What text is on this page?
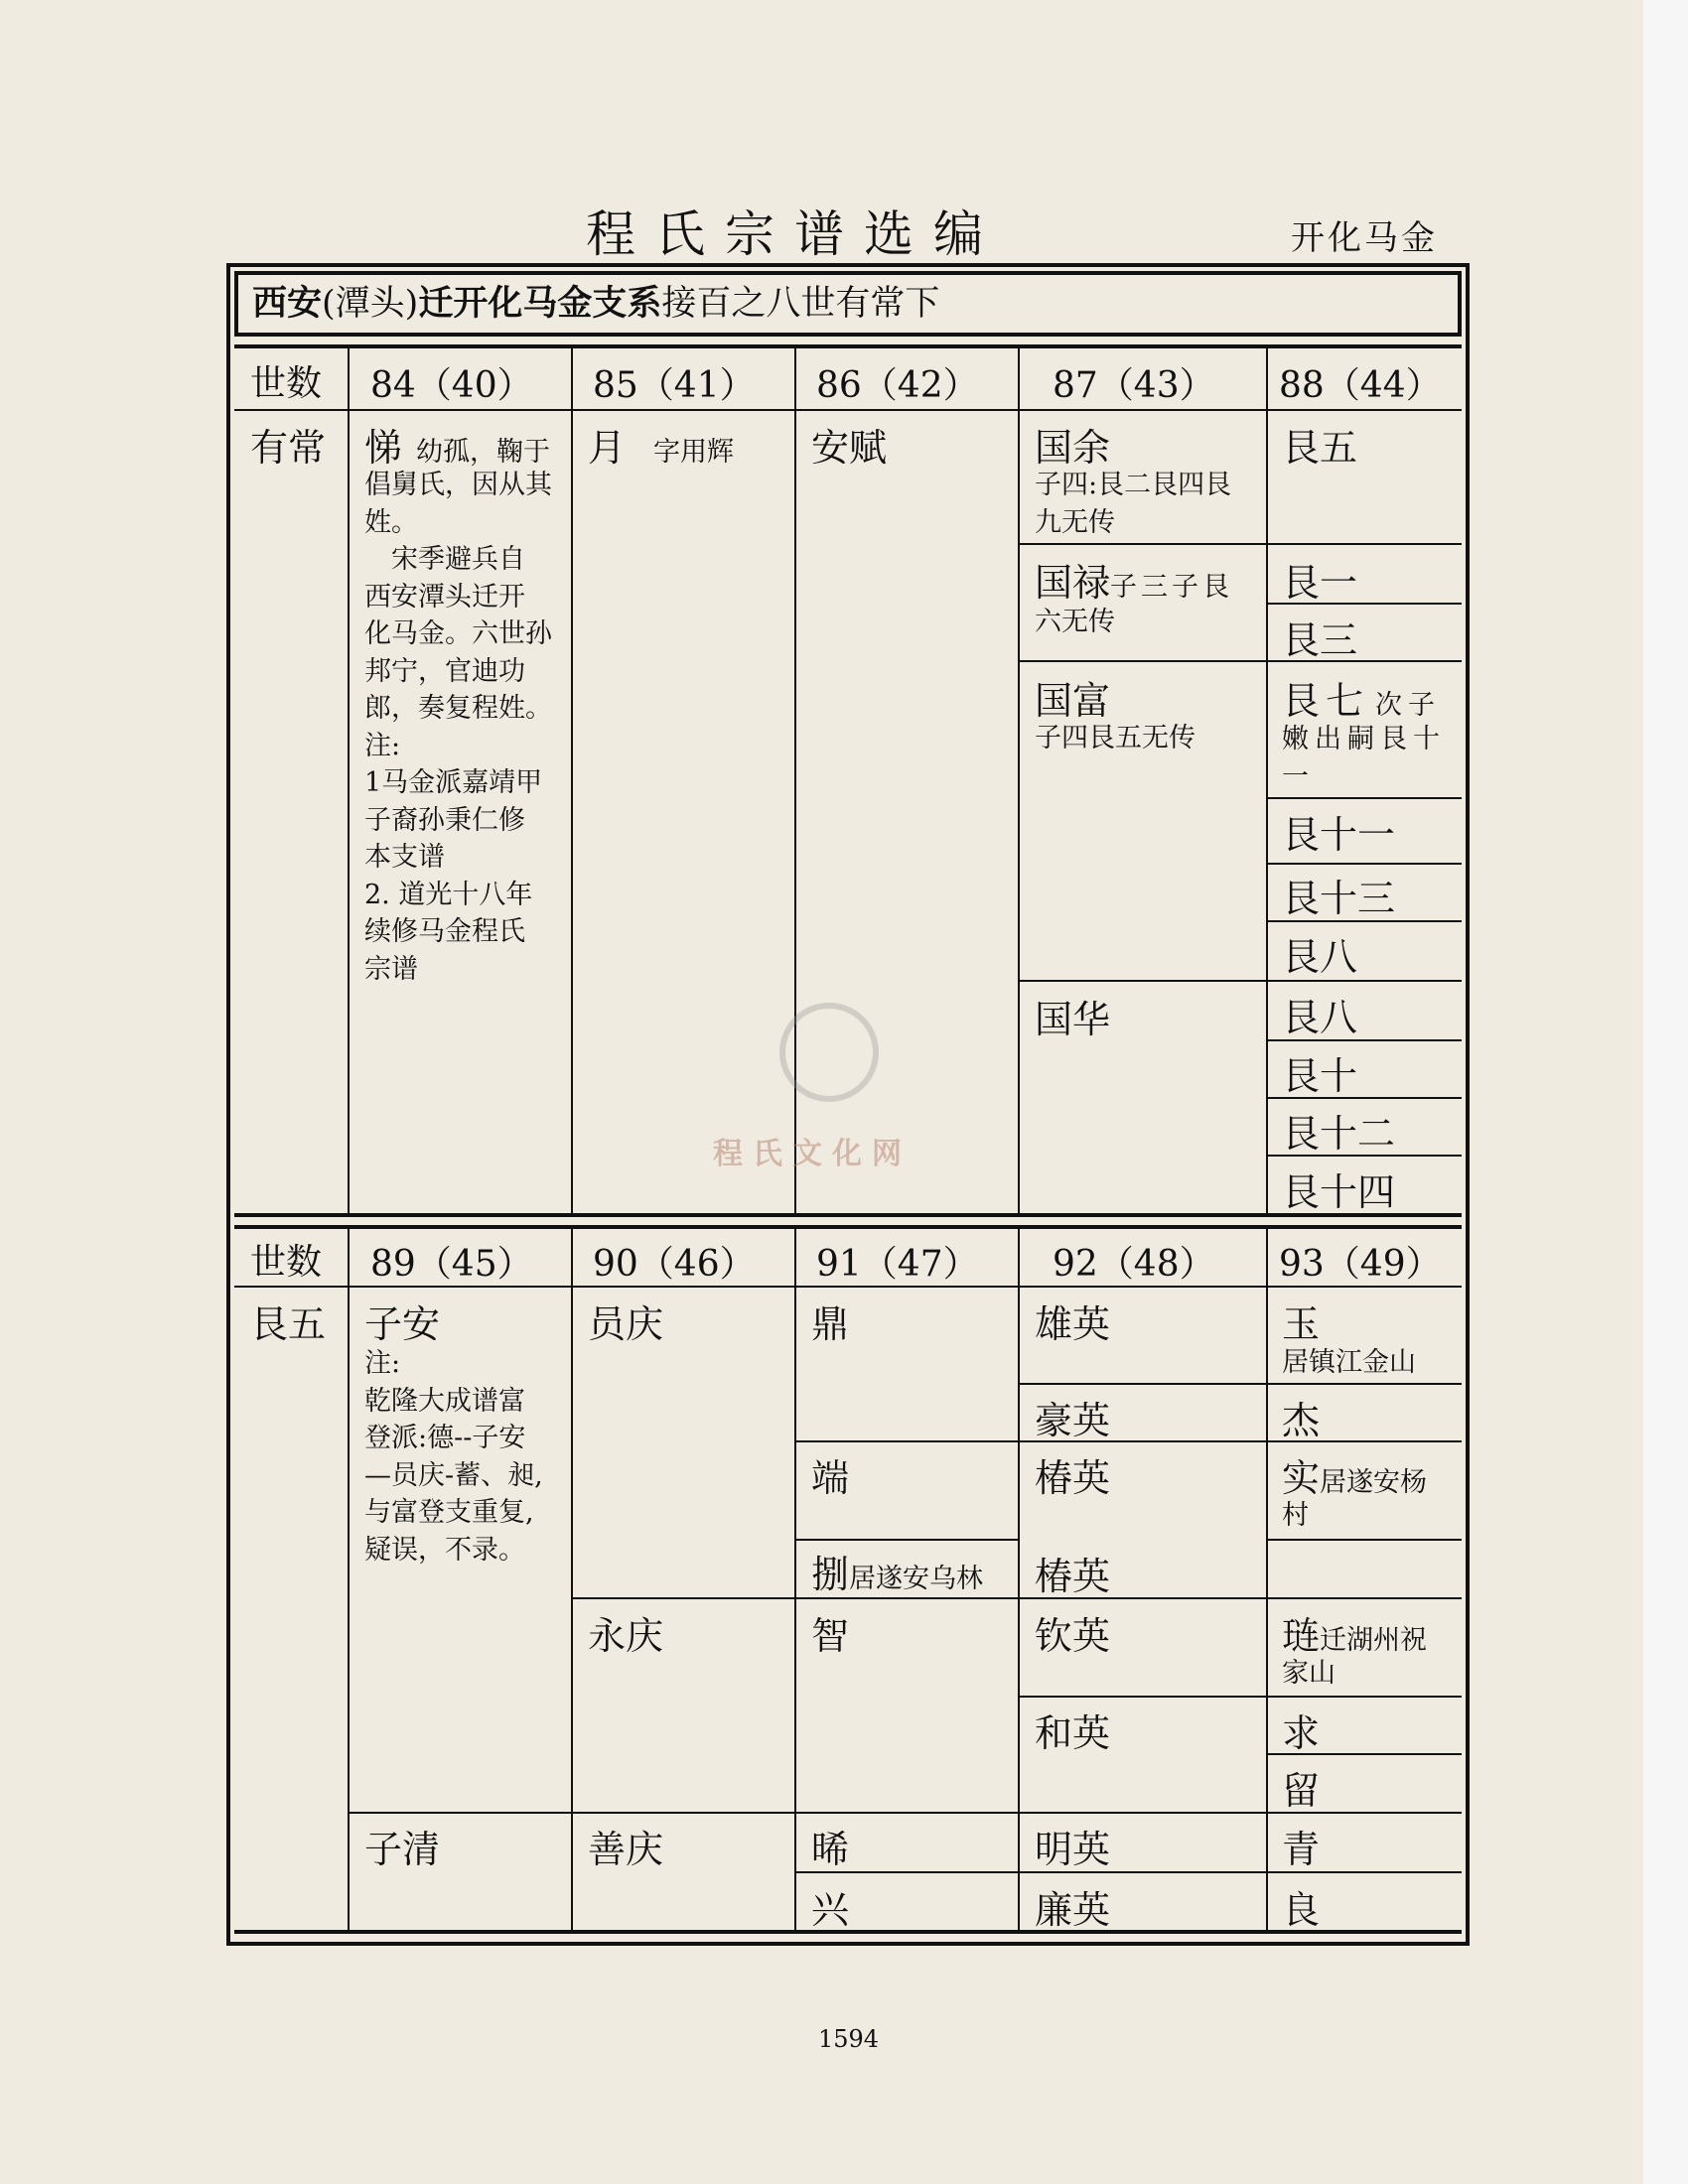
程氏宗谱选编	开化马金
西安(潭头)迁开化马金支系接百之八世有常下
世数 84（40） 85（41） 86（42） 87（43） 88（44）
有常 悌 幼孤，鞠于
倡舅氏，因从其
姓。
　宋季避兵自
西安潭头迁开
化马金。六世孙
邦宁，官迪功
郎，奏复程姓。
注:
1马金派嘉靖甲
子裔孙秉仁修
本支谱
2. 道光十八年
续修马金程氏
宗谱
月 字用辉 安赋	国余
子四:艮二艮四艮
九无传
国禄子三子艮
六无传
国富
子四艮五无传
国华
艮五
艮一
艮三
艮七 次子
嫩出嗣艮十
一
艮十一
艮十三
艮八
艮八
艮十
艮十二
艮十四
世数 89（45） 90（46） 91（47） 92（48） 93（49）
艮五 子安
注:
乾隆大成谱富
登派:德--子安
—员庆-蓄、昶,
与富登支重复,
疑误，不录。
子清
员庆
永庆
善庆
鼎
端
捌居遂安乌林
智
晞
兴
雄英
豪英
椿英
椿英
钦英
和英
明英
廉英
玉
居镇江金山
杰
实居遂安杨
村
琏迁湖州祝
家山
求
留
青
良
程氏文化网
1594
